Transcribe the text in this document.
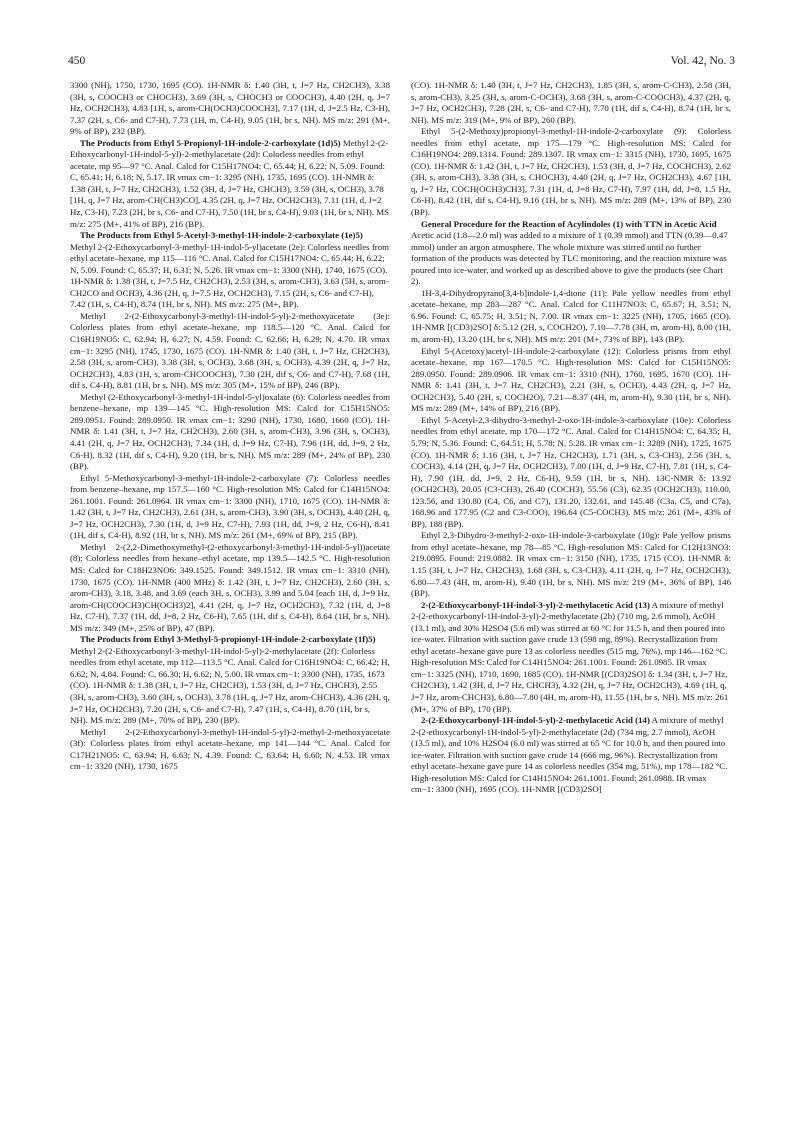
450	Vol. 42, No. 3

3300 (NH), 1750, 1730, 1695 (CO). 1H-NMR δ: 1.40 (3H, t, J=7 Hz, CH2CH3), 3.38 (3H, s, COOCH3 or CHOCH3), 3.69 (3H, s, CHOCH3 or COOCH3), 4.40 (2H, q, J=7 Hz, OCH2CH3), 4.83 [1H, s, arom-CH(OCH3)COOCH3], 7.17 (1H, d, J=2.5 Hz, C3-H), 7.37 (2H, s, C6- and C7-H), 7.73 (1H, m, C4-H), 9.05 (1H, br s, NH). MS m/z: 291 (M+, 9% of BP), 232 (BP).

The Products from Ethyl 5-Propionyl-1H-indole-2-carboxylate (1d)5) Methyl 2-(2-Ethoxycarbonyl-1H-indol-5-yl)-2-methylacetate (2d): Colorless needles from ethyl acetate, mp 95—97 °C. Anal. Calcd for C15H17NO4: C, 65.44; H, 6.22; N, 5.09. Found: C, 65.41; H, 6.18; N, 5.17. IR νmax cm−1: 3295 (NH), 1735, 1695 (CO). 1H-NMR δ: 1.38 (3H, t, J=7 Hz, CH2CH3), 1.52 (3H, d, J=7 Hz, CHCH3), 3.59 (3H, s, OCH3), 3.78 [1H, q, J=7 Hz, arom-CH(CH3)CO], 4.35 (2H, q, J=7 Hz, OCH2CH3), 7.11 (1H, d, J=2 Hz, C3-H), 7.23 (2H, br s, C6- and C7-H), 7.50 (1H, br s, C4-H), 9.03 (1H, br s, NH). MS m/z: 275 (M+, 41% of BP), 216 (BP).

The Products from Ethyl 5-Acetyl-3-methyl-1H-indole-2-carboxylate (1e)5) Methyl 2-(2-Ethoxycarbonyl-3-methyl-1H-indol-5-yl)acetate (2e): Colorless needles from ethyl acetate–hexane, mp 115—116 °C. Anal. Calcd for C15H17NO4: C, 65.44; H, 6.22; N, 5.09. Found: C, 65.37; H, 6.31; N, 5.26. IR νmax cm−1: 3300 (NH), 1740, 1675 (CO). 1H-NMR δ: 1.38 (3H, t, J=7.5 Hz, CH2CH3), 2.53 (3H, s, arom-CH3), 3.63 (5H, s, arom-CH2CO and OCH3), 4.36 (2H, q, J=7.5 Hz, OCH2CH3), 7.15 (2H, s, C6- and C7-H), 7.42 (1H, s, C4-H), 8.74 (1H, br s, NH). MS m/z: 275 (M+, BP).

Methyl 2-(2-Ethoxycarbonyl-3-methyl-1H-indol-5-yl)-2-methoxyacetate (3e): Colorless plates from ethyl acetate–hexane, mp 118.5—120 °C. Anal. Calcd for C16H19NO5: C, 62.94; H, 6.27; N, 4.59. Found: C, 62.66; H, 6.29; N, 4.70. IR νmax cm−1: 3295 (NH), 1745, 1730, 1675 (CO). 1H-NMR δ: 1.40 (3H, t, J=7 Hz, CH2CH3), 2.58 (3H, s, arom-CH3), 3.38 (3H, s, OCH3), 3.68 (3H, s, OCH3), 4.39 (2H, q, J=7 Hz, OCH2CH3), 4.83 (1H, s, arom-CHCOOCH3), 7.30 (2H, dif s, C6- and C7-H), 7.68 (1H, dif s, C4-H), 8.81 (1H, br s, NH). MS m/z: 305 (M+, 15% of BP), 246 (BP).

Methyl (2-Ethoxycarbonyl-3-methyl-1H-indol-5-yl)oxalate (6): Colorless needles from benzene–hexane, mp 139—145 °C. High-resolution MS: Calcd for C15H15NO5: 289.0951. Found: 289.0950. IR νmax cm−1: 3290 (NH), 1730, 1680, 1660 (CO). 1H-NMR δ: 1.41 (3H, t, J=7 Hz, CH2CH3), 2.60 (3H, s, arom-CH3), 3.96 (3H, s, OCH3), 4.41 (2H, q, J=7 Hz, OCH2CH3), 7.34 (1H, d, J=9 Hz, C7-H), 7.96 (1H, dd, J=9, 2 Hz, C6-H), 8.32 (1H, dif s, C4-H), 9.20 (1H, br s, NH). MS m/z: 289 (M+, 24% of BP), 230 (BP).

Ethyl 5-Methoxycarbonyl-3-methyl-1H-indole-2-carboxylate (7): Colorless needles from benzene–hexane, mp 157.5—160 °C. High-resolution MS: Calcd for C14H15NO4: 261.1001. Found: 261.0964. IR νmax cm−1: 3300 (NH), 1710, 1675 (CO). 1H-NMR δ: 1.42 (3H, t, J=7 Hz, CH2CH3), 2.61 (3H, s, arom-CH3), 3.90 (3H, s, OCH3), 4.40 (2H, q, J=7 Hz, OCH2CH3), 7.30 (1H, d, J=9 Hz, C7-H), 7.93 (1H, dd, J=9, 2 Hz, C6-H), 8.41 (1H, dif s, C4-H), 8.92 (1H, br s, NH). MS m/z: 261 (M+, 69% of BP), 215 (BP).

Methyl 2-(2,2-Dimethoxymethyl-(2-ethoxycarbonyl-3-methyl-1H-indol-5-yl))acetate (8): Colorless needles from hexane–ethyl acetate, mp 139.5—142.5 °C. High-resolution MS: Calcd for C18H23NO6: 349.1525. Found: 349.1512. IR νmax cm−1: 3310 (NH), 1730, 1675 (CO). 1H-NMR (400 MHz) δ: 1.42 (3H, t, J=7 Hz, CH2CH3), 2.60 (3H, s, arom-CH3), 3.18, 3.48, and 3.69 (each 3H, s, OCH3), 3.99 and 5.04 [each 1H, d, J=9 Hz, arom-CH(COOCH3)CH(OCH3)2], 4.41 (2H, q, J=7 Hz, OCH2CH3), 7.32 (1H, d, J=8 Hz, C7-H), 7.37 (1H, dd, J=8, 2 Hz, C6-H), 7.65 (1H, dif s, C4-H), 8.64 (1H, br s, NH). MS m/z: 349 (M+, 25% of BP), 47 (BP).

The Products from Ethyl 3-Methyl-5-propionyl-1H-indole-2-carboxylate (1f)5) Methyl 2-(2-Ethoxycarbonyl-3-methyl-1H-indol-5-yl)-2-methylacetate (2f): Colorless needles from ethyl acetate, mp 112—113.5 °C. Anal. Calcd for C16H19NO4: C, 66.42; H, 6.62; N, 4.84. Found: C, 66.30; H, 6.62; N, 5.00. IR νmax cm−1: 3300 (NH), 1735, 1673 (CO). 1H-NMR δ: 1.38 (3H, t, J=7 Hz, CH2CH3), 1.53 (3H, d, J=7 Hz, CHCH3), 2.55 (3H, s, arom-CH3), 3.60 (3H, s, OCH3), 3.78 (1H, q, J=7 Hz, arom-CHCH3), 4.36 (2H, q, J=7 Hz, OCH2CH3), 7.20 (2H, s, C6- and C7-H), 7.47 (1H, s, C4-H), 8.70 (1H, br s, NH). MS m/z: 289 (M+, 70% of BP), 230 (BP).

Methyl 2-(2-Ethoxycarbonyl-3-methyl-1H-indol-5-yl)-2-methyl-2-methoxyacetate (3f): Colorless plates from ethyl acetate–hexane, mp 141—144 °C. Anal. Calcd for C17H21NO5: C, 63.94; H, 6.63; N, 4.39. Found: C, 63.64; H, 6.60; N, 4.53. IR νmax cm−1: 3320 (NH), 1730, 1675

(CO). 1H-NMR δ: 1.40 (3H, t, J=7 Hz, CH2CH3), 1.85 (3H, s, arom-C-CH3), 2.58 (3H, s, arom-CH3), 3.25 (3H, s, arom-C-OCH3), 3.68 (3H, s, arom-C-COOCH3), 4.37 (2H, q, J=7 Hz, OCH2CH3), 7.28 (2H, s, C6- and C7-H), 7.70 (1H, dif s, C4-H), 8.74 (1H, br s, NH). MS m/z: 319 (M+, 9% of BP), 260 (BP).

Ethyl 5-(2-Methoxy)propionyl-3-methyl-1H-indole-2-carboxylate (9): Colorless needles from ethyl acetate, mp 175—179 °C. High-resolution MS: Calcd for C16H19NO4: 289.1314. Found: 289.1307. IR νmax cm−1: 3315 (NH), 1730, 1695, 1675 (CO). 1H-NMR δ: 1.42 (3H, t, J=7 Hz, CH2CH3), 1.53 (3H, d, J=7 Hz, COCHCH3), 2.62 (3H, s, arom-CH3), 3.38 (3H, s, CHOCH3), 4.40 (2H, q, J=7 Hz, OCH2CH3), 4.67 [1H, q, J=7 Hz, COCH(OCH3)CH3], 7.31 (1H, d, J=8 Hz, C7-H), 7.97 (1H, dd, J=8, 1.5 Hz, C6-H), 8.42 (1H, dif s, C4-H), 9.16 (1H, br s, NH). MS m/z: 289 (M+, 13% of BP), 230 (BP).

General Procedure for the Reaction of Acylindoles (1) with TTN in Acetic Acid Acetic acid (1.8—2.0 ml) was added to a mixture of 1 (0.39 mmol) and TTN (0.39—0.47 mmol) under an argon atmosphere. The whole mixture was stirred until no further formation of the products was detected by TLC monitoring, and the reaction mixture was poured into ice-water, and worked up as described above to give the products (see Chart 2).

1H-3,4-Dihydropyrano[3,4-b]indole-1,4-dione (11): Pale yellow needles from ethyl acetate–hexane, mp 283—287 °C. Anal. Calcd for C11H7NO3: C, 65.67; H, 3.51; N, 6.96. Found: C, 65.75; H, 3.51; N, 7.00. IR νmax cm−1: 3225 (NH), 1705, 1665 (CO). 1H-NMR [(CD3)2SO] δ: 5.12 (2H, s, COCH2O), 7.10—7.78 (3H, m, arom-H), 8.00 (1H, m, arom-H), 13.20 (1H, br s, NH). MS m/z: 201 (M+, 73% of BP), 143 (BP).

Ethyl 5-(Acetoxy)acetyl-1H-indole-2-carboxylate (12): Colorless prisms from ethyl acetate–hexane, mp 167—170.5 °C. High-resolution MS: Calcd for C15H15NO5: 289.0950. Found: 289.0906. IR νmax cm−1: 3310 (NH), 1760, 1695, 1670 (CO). 1H-NMR δ: 1.41 (3H, t, J=7 Hz, CH2CH3), 2.21 (3H, s, OCH3), 4.43 (2H, q, J=7 Hz, OCH2CH3), 5.40 (2H, s, COCH2O), 7.21—8.37 (4H, m, arom-H), 9.30 (1H, br s, NH). MS m/z: 289 (M+, 14% of BP), 216 (BP).

Ethyl 5-Acetyl-2,3-dihydro-3-methyl-2-oxo-1H-indole-3-carboxylate (10e): Colorless needles from ethyl acetate, mp 170—172 °C. Anal. Calcd for C14H15NO4: C, 64.35; H, 5.79; N, 5.36. Found: C, 64.51; H, 5.78; N, 5.28. IR νmax cm−1: 3289 (NH), 1725, 1675 (CO). 1H-NMR δ: 1.16 (3H, t, J=7 Hz, CH2CH3), 1.71 (3H, s, C3-CH3), 2.56 (3H, s, COCH3), 4.14 (2H, q, J=7 Hz, OCH2CH3), 7.00 (1H, d, J=9 Hz, C7-H), 7.81 (1H, s, C4-H), 7.90 (1H, dd, J=9, 2 Hz, C6-H), 9.59 (1H, br s, NH). 13C-NMR δ: 13.92 (OCH2CH3), 20.05 (C3-CH3), 26.40 (COCH3), 55.56 (C3), 62.35 (OCH2CH3), 110.00, 123.56, and 130.80 (C4, C6, and C7), 131.20, 132.61, and 145.48 (C3a, C5, and C7a), 168.96 and 177.95 (C2 and C3-COO), 196.64 (C5-COCH3). MS m/z: 261 (M+, 43% of BP), 188 (BP).

Ethyl 2,3-Dihydro-3-methyl-2-oxo-1H-indole-3-carboxylate (10g): Pale yellow prisms from ethyl acetate–hexane, mp 78—85 °C. High-resolution MS: Calcd for C12H13NO3: 219.0895. Found: 219.0882. IR νmax cm−1: 3150 (NH), 1735, 1715 (CO). 1H-NMR δ: 1.15 (3H, t, J=7 Hz, CH2CH3), 1.68 (3H, s, C3-CH3), 4.11 (2H, q, J=7 Hz, OCH2CH3), 6.80—7.43 (4H, m, arom-H), 9.40 (1H, br s, NH). MS m/z: 219 (M+, 36% of BP), 146 (BP).

2-(2-Ethoxycarbonyl-1H-indol-3-yl)-2-methylacetic Acid (13) A mixture of methyl 2-(2-ethoxycarbonyl-1H-indol-3-yl)-2-methylacetate (2b) (710 mg, 2.6 mmol), AcOH (13.1 ml), and 30% H2SO4 (5.6 ml) was stirred at 60 °C for 11.5 h, and then poured into ice-water. Filtration with suction gave crude 13 (598 mg, 89%). Recrystallization from ethyl acetate–hexane gave pure 13 as colorless needles (515 mg, 76%), mp 146—162 °C. High-resolution MS: Calcd for C14H15NO4: 261.1001. Found: 261.0985. IR νmax cm−1: 3325 (NH), 1710, 1690, 1685 (CO). 1H-NMR [(CD3)2SO] δ: 1.34 (3H, t, J=7 Hz, CH2CH3), 1.42 (3H, d, J=7 Hz, CHCH3), 4.32 (2H, q, J=7 Hz, OCH2CH3), 4.69 (1H, q, J=7 Hz, arom-CHCH3), 6.80—7.80 (4H, m, arom-H), 11.55 (1H, br s, NH). MS m/z: 261 (M+, 37% of BP), 170 (BP).

2-(2-Ethoxycarbonyl-1H-indol-5-yl)-2-methylacetic Acid (14) A mixture of methyl 2-(2-ethoxycarbonyl-1H-indol-5-yl)-2-methylacetate (2d) (734 mg, 2.7 mmol), AcOH (13.5 ml), and 10% H2SO4 (6.0 ml) was stirred at 65 °C for 10.0 h, and then poured into ice-water. Filtration with suction gave crude 14 (666 mg, 96%). Recrystallization from ethyl acetate–hexane gave pure 14 as colorless needles (354 mg, 51%), mp 178—182 °C. High-resolution MS: Calcd for C14H15NO4: 261.1001. Found: 261.0988. IR νmax cm−1: 3300 (NH), 1695 (CO). 1H-NMR [(CD3)2SO]
